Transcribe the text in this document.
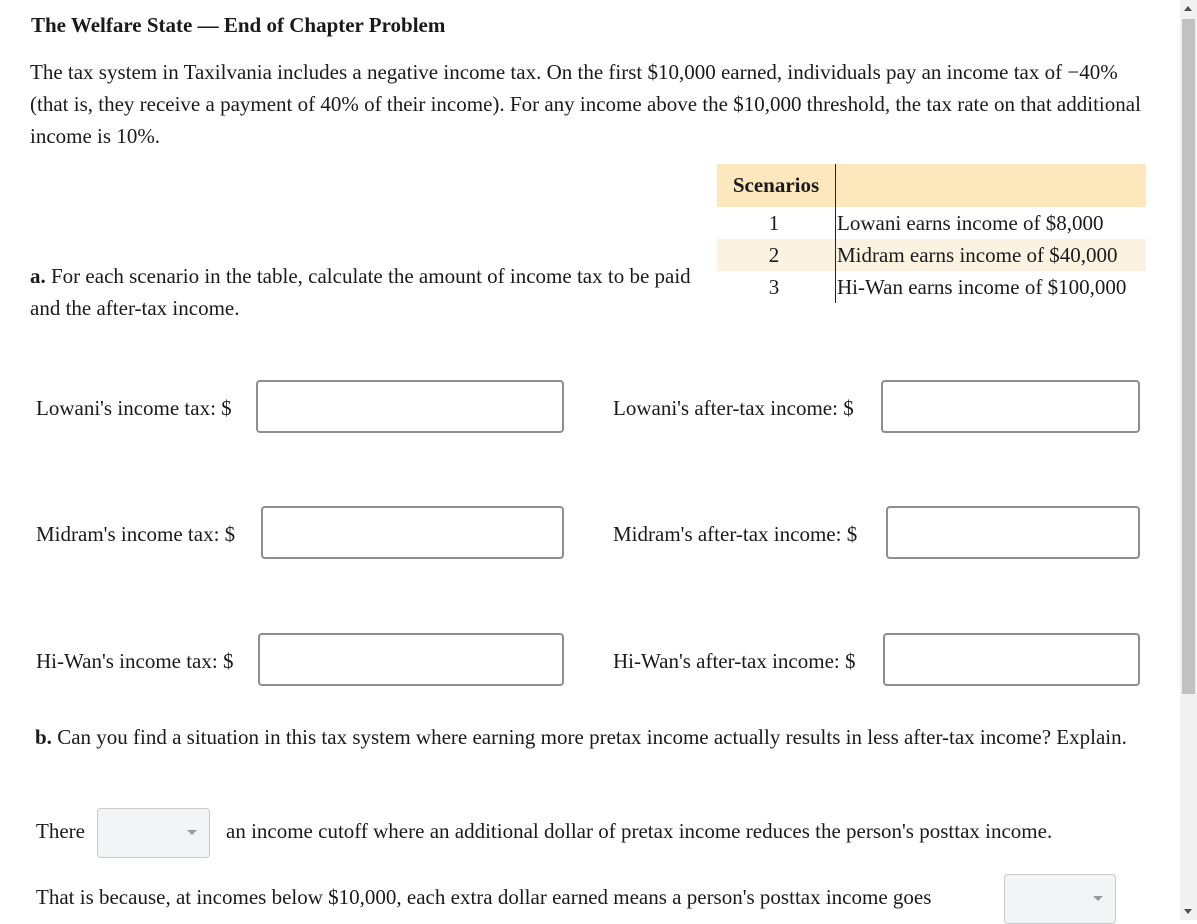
The Welfare State — End of Chapter Problem
The tax system in Taxilvania includes a negative income tax. On the first $10,000 earned, individuals pay an income tax of −40% (that is, they receive a payment of 40% of their income). For any income above the $10,000 threshold, the tax rate on that additional income is 10%.
Scenarios	
1	Lowani earns income of $8,000
2	Midram earns income of $40,000
3	Hi-Wan earns income of $100,000
a. For each scenario in the table, calculate the amount of income tax to be paid and the after-tax income.
Lowani's income tax: $	Lowani's after-tax income: $
Midram's income tax: $	Midram's after-tax income: $
Hi-Wan's income tax: $	Hi-Wan's after-tax income: $
b. Can you find a situation in this tax system where earning more pretax income actually results in less after-tax income? Explain.
There	an income cutoff where an additional dollar of pretax income reduces the person's posttax income.
That is because, at incomes below $10,000, each extra dollar earned means a person's posttax income goes
